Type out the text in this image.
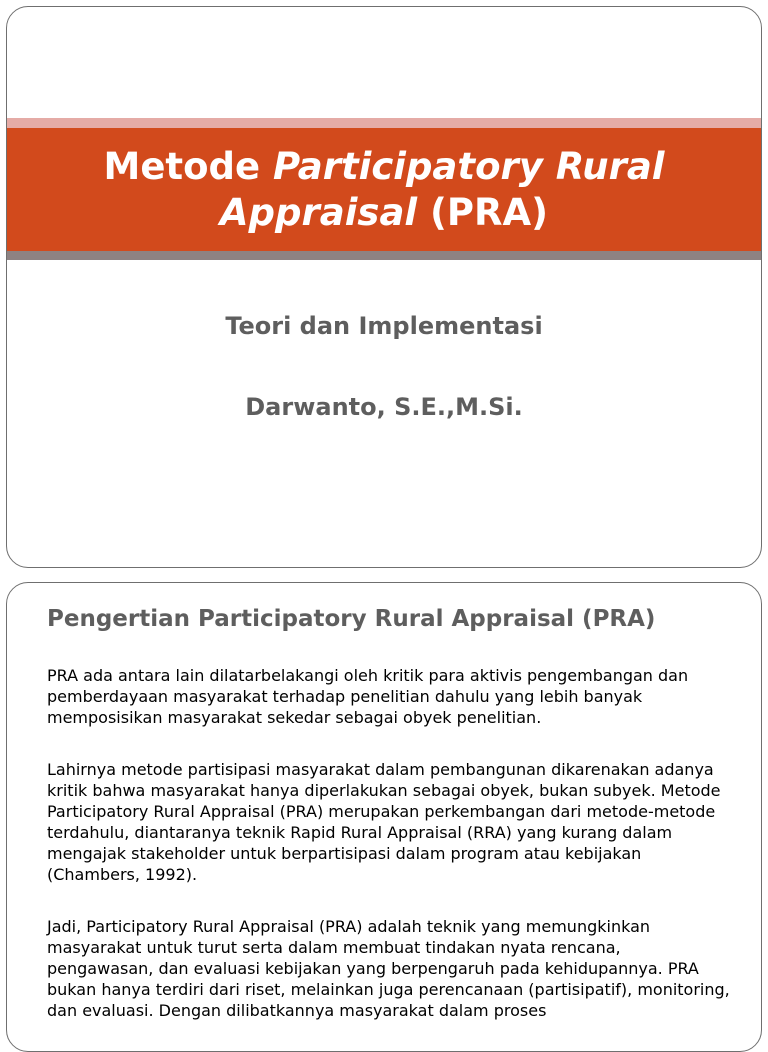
Metode Participatory Rural Appraisal (PRA)

Teori dan Implementasi

Darwanto, S.E.,M.Si.

Pengertian Participatory Rural Appraisal (PRA)

PRA ada antara lain dilatarbelakangi oleh kritik para aktivis pengembangan dan pemberdayaan masyarakat terhadap penelitian dahulu yang lebih banyak memposisikan masyarakat sekedar sebagai obyek penelitian.

Lahirnya metode partisipasi masyarakat dalam pembangunan dikarenakan adanya kritik bahwa masyarakat hanya diperlakukan sebagai obyek, bukan subyek. Metode Participatory Rural Appraisal (PRA) merupakan perkembangan dari metode-metode terdahulu, diantaranya teknik Rapid Rural Appraisal (RRA) yang kurang dalam mengajak stakeholder untuk berpartisipasi dalam program atau kebijakan (Chambers, 1992).

Jadi, Participatory Rural Appraisal (PRA) adalah teknik yang memungkinkan masyarakat untuk turut serta dalam membuat tindakan nyata rencana, pengawasan, dan evaluasi kebijakan yang berpengaruh pada kehidupannya. PRA bukan hanya terdiri dari riset, melainkan juga perencanaan (partisipatif), monitoring, dan evaluasi. Dengan dilibatkannya masyarakat dalam proses
